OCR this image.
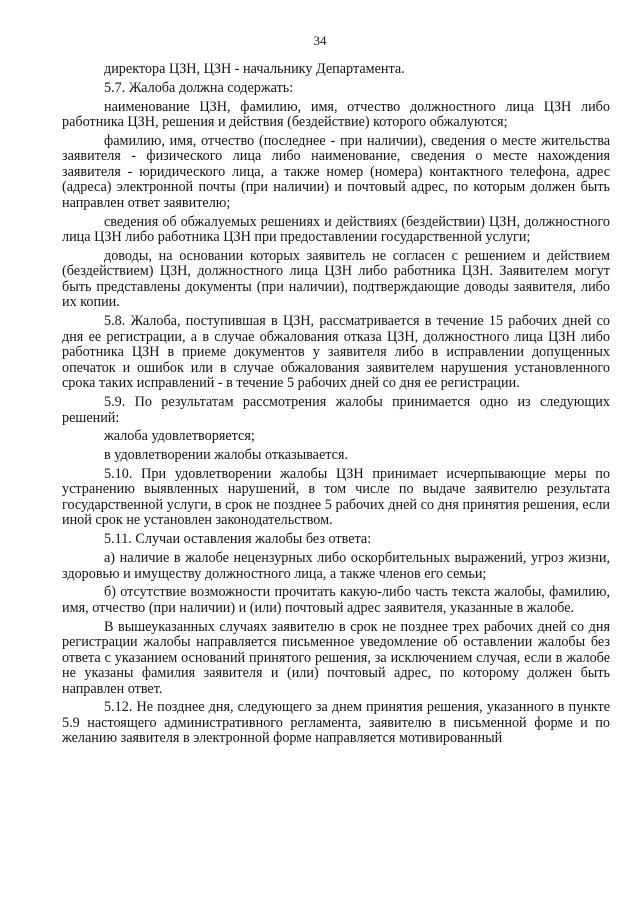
34

директора ЦЗН, ЦЗН - начальнику Департамента.

5.7. Жалоба должна содержать:

наименование ЦЗН, фамилию, имя, отчество должностного лица ЦЗН либо работника ЦЗН, решения и действия (бездействие) которого обжалуются;

фамилию, имя, отчество (последнее - при наличии), сведения о месте жительства заявителя - физического лица либо наименование, сведения о месте нахождения заявителя - юридического лица, а также номер (номера) контактного телефона, адрес (адреса) электронной почты (при наличии) и почтовый адрес, по которым должен быть направлен ответ заявителю;

сведения об обжалуемых решениях и действиях (бездействии) ЦЗН, должностного лица ЦЗН либо работника ЦЗН при предоставлении государственной услуги;

доводы, на основании которых заявитель не согласен с решением и действием (бездействием) ЦЗН, должностного лица ЦЗН либо работника ЦЗН. Заявителем могут быть представлены документы (при наличии), подтверждающие доводы заявителя, либо их копии.

5.8. Жалоба, поступившая в ЦЗН, рассматривается в течение 15 рабочих дней со дня ее регистрации, а в случае обжалования отказа ЦЗН, должностного лица ЦЗН либо работника ЦЗН в приеме документов у заявителя либо в исправлении допущенных опечаток и ошибок или в случае обжалования заявителем нарушения установленного срока таких исправлений - в течение 5 рабочих дней со дня ее регистрации.

5.9. По результатам рассмотрения жалобы принимается одно из следующих решений:

жалоба удовлетворяется;

в удовлетворении жалобы отказывается.

5.10. При удовлетворении жалобы ЦЗН принимает исчерпывающие меры по устранению выявленных нарушений, в том числе по выдаче заявителю результата государственной услуги, в срок не позднее 5 рабочих дней со дня принятия решения, если иной срок не установлен законодательством.

5.11. Случаи оставления жалобы без ответа:

а) наличие в жалобе нецензурных либо оскорбительных выражений, угроз жизни, здоровью и имуществу должностного лица, а также членов его семьи;

б) отсутствие возможности прочитать какую-либо часть текста жалобы, фамилию, имя, отчество (при наличии) и (или) почтовый адрес заявителя, указанные в жалобе.

В вышеуказанных случаях заявителю в срок не позднее трех рабочих дней со дня регистрации жалобы направляется письменное уведомление об оставлении жалобы без ответа с указанием оснований принятого решения, за исключением случая, если в жалобе не указаны фамилия заявителя и (или) почтовый адрес, по которому должен быть направлен ответ.

5.12. Не позднее дня, следующего за днем принятия решения, указанного в пункте 5.9 настоящего административного регламента, заявителю в письменной форме и по желанию заявителя в электронной форме направляется мотивированный
